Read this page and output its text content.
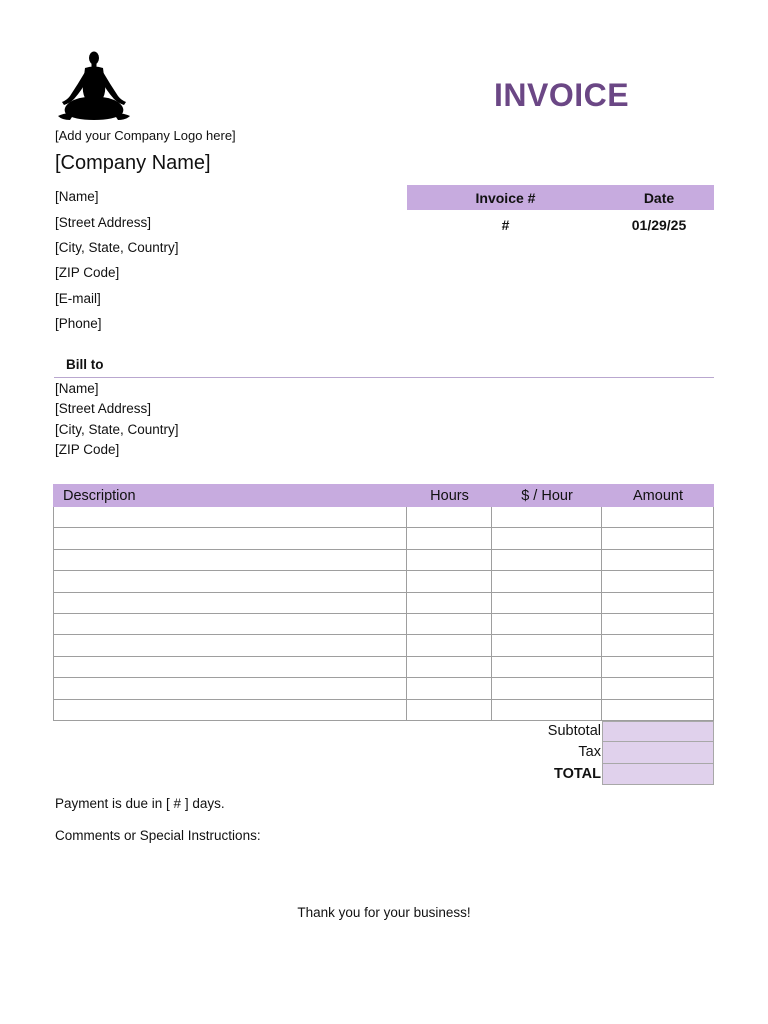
[Add your Company Logo here]
[Company Name]
INVOICE
[Name]
[Street Address]
[City, State, Country]
[ZIP Code]
[E-mail]
[Phone]
Invoice #	Date
#	01/29/25
Bill to
[Name]
[Street Address]
[City, State, Country]
[ZIP Code]
Description	Hours	$ / Hour	Amount
Subtotal
Tax
TOTAL
Payment is due in [ # ] days.
Comments or Special Instructions:
Thank you for your business!
